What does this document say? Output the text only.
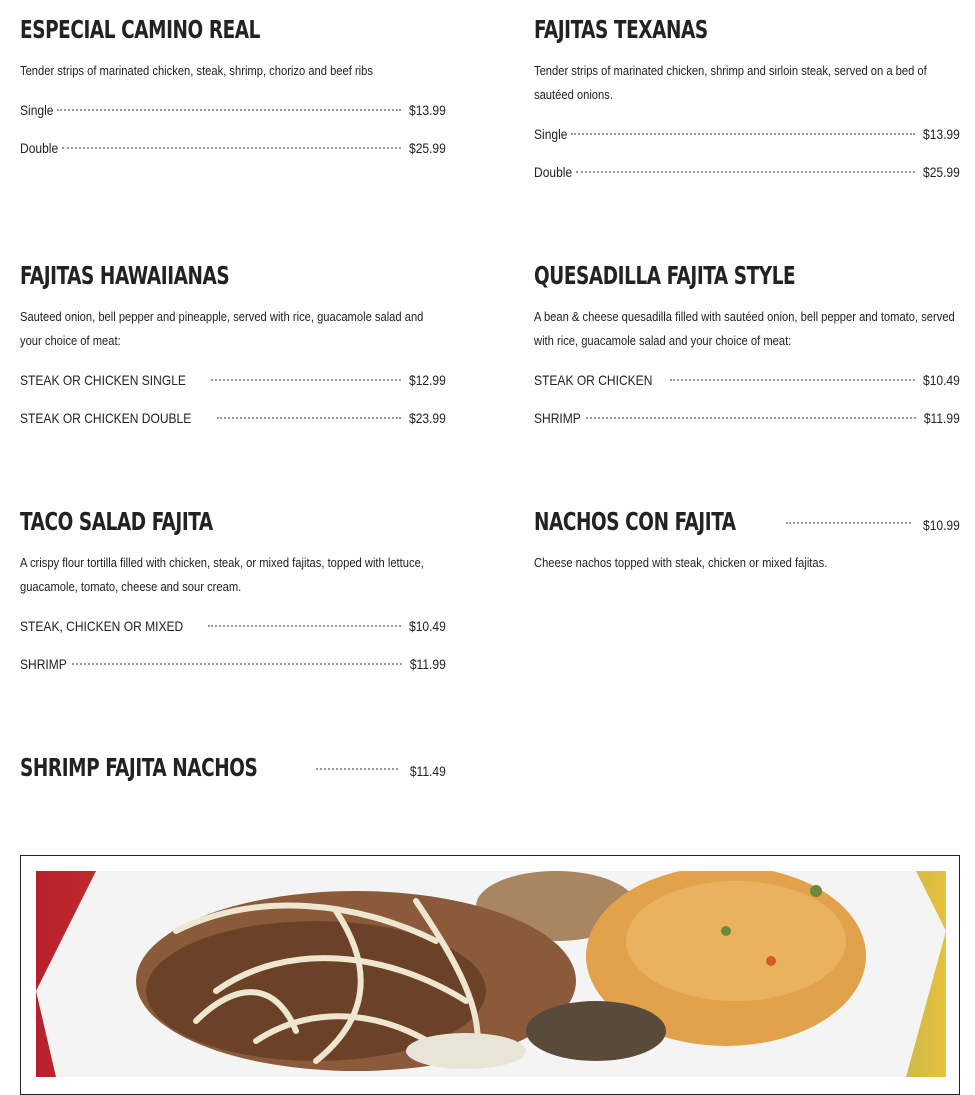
ESPECIAL CAMINO REAL
Tender strips of marinated chicken, steak, shrimp, chorizo and beef ribs
Single	$13.99
Double	$25.99
FAJITAS TEXANAS
Tender strips of marinated chicken, shrimp and sirloin steak, served on a bed of sautéed onions.
Single	$13.99
Double	$25.99
FAJITAS HAWAIIANAS
Sauteed onion, bell pepper and pineapple, served with rice, guacamole salad and your choice of meat:
STEAK OR CHICKEN SINGLE	$12.99
STEAK OR CHICKEN DOUBLE	$23.99
QUESADILLA FAJITA STYLE
A bean & cheese quesadilla filled with sautéed onion, bell pepper and tomato, served with rice, guacamole salad and your choice of meat:
STEAK OR CHICKEN	$10.49
SHRIMP	$11.99
TACO SALAD FAJITA
A crispy flour tortilla filled with chicken, steak, or mixed fajitas, topped with lettuce, guacamole, tomato, cheese and sour cream.
STEAK, CHICKEN OR MIXED	$10.49
SHRIMP	$11.99
NACHOS CON FAJITA	$10.99
Cheese nachos topped with steak, chicken or mixed fajitas.
SHRIMP FAJITA NACHOS	$11.49
